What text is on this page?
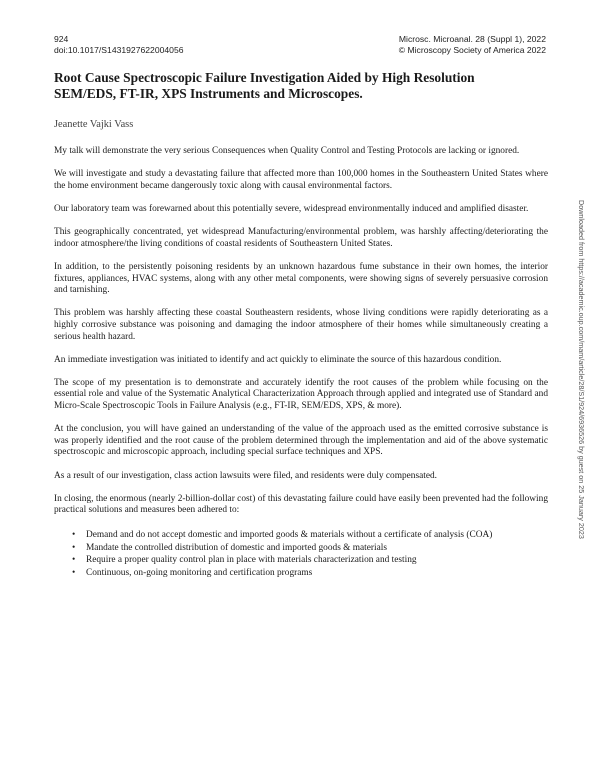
924
doi:10.1017/S1431927622004056
Microsc. Microanal. 28 (Suppl 1), 2022
© Microscopy Society of America 2022
Root Cause Spectroscopic Failure Investigation Aided by High Resolution
SEM/EDS, FT-IR, XPS Instruments and Microscopes.
Jeanette Vajki Vass

My talk will demonstrate the very serious Consequences when Quality Control and Testing Protocols are lacking or ignored.

We will investigate and study a devastating failure that affected more than 100,000 homes in the Southeastern United States where the home environment became dangerously toxic along with causal environmental factors.

Our laboratory team was forewarned about this potentially severe, widespread environmentally induced and amplified disaster.

This geographically concentrated, yet widespread Manufacturing/environmental problem, was harshly affecting/deteriorating the indoor atmosphere/the living conditions of coastal residents of Southeastern United States.

In addition, to the persistently poisoning residents by an unknown hazardous fume substance in their own homes, the interior fixtures, appliances, HVAC systems, along with any other metal components, were showing signs of severely persuasive corrosion and tarnishing.

This problem was harshly affecting these coastal Southeastern residents, whose living conditions were rapidly deteriorating as a highly corrosive substance was poisoning and damaging the indoor atmosphere of their homes while simultaneously creating a serious health hazard.

An immediate investigation was initiated to identify and act quickly to eliminate the source of this hazardous condition.

The scope of my presentation is to demonstrate and accurately identify the root causes of the problem while focusing on the essential role and value of the Systematic Analytical Characterization Approach through applied and integrated use of Standard and Micro-Scale Spectroscopic Tools in Failure Analysis (e.g., FT-IR, SEM/EDS, XPS, & more).

At the conclusion, you will have gained an understanding of the value of the approach used as the emitted corrosive substance is was properly identified and the root cause of the problem determined through the implementation and aid of the above systematic spectroscopic and microscopic approach, including special surface techniques and XPS.

As a result of our investigation, class action lawsuits were filed, and residents were duly compensated.

In closing, the enormous (nearly 2-billion-dollar cost) of this devastating failure could have easily been prevented had the following practical solutions and measures been adhered to:

• Demand and do not accept domestic and imported goods & materials without a certificate of analysis (COA)
• Mandate the controlled distribution of domestic and imported goods & materials
• Require a proper quality control plan in place with materials characterization and testing
• Continuous, on-going monitoring and certification programs
Downloaded from https://academic.oup.com/mam/article/28/S1/924/6936526 by guest on 25 January 2023
